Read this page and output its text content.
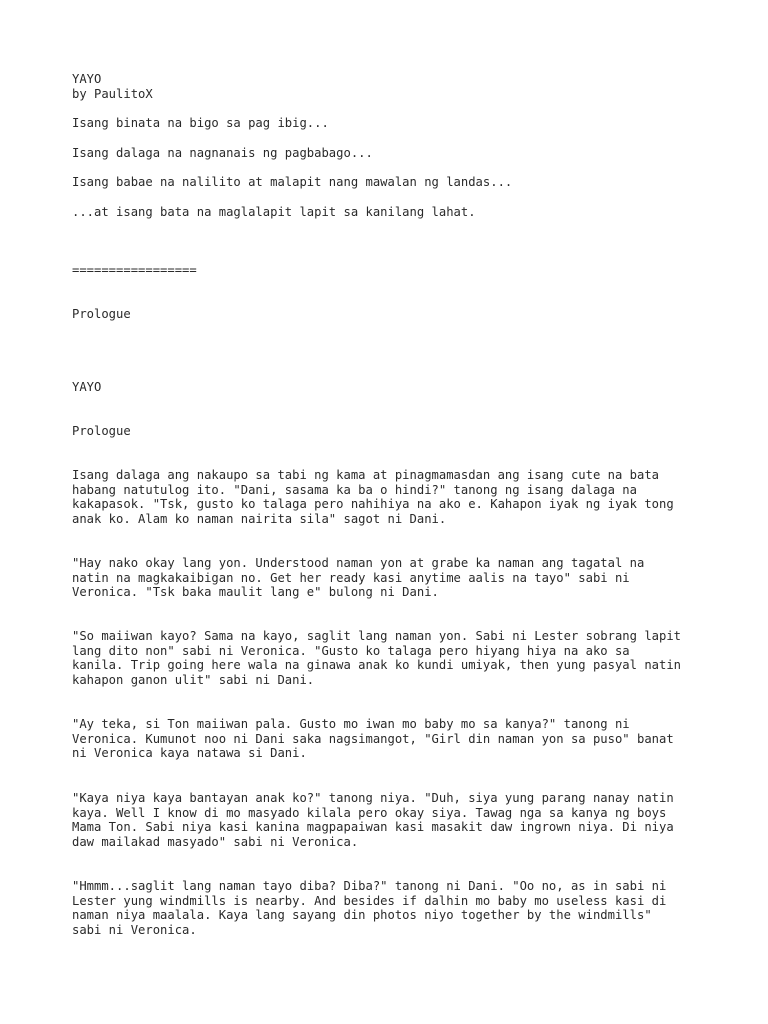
YAYO
by PaulitoX
Isang binata na bigo sa pag ibig...
Isang dalaga na nagnanais ng pagbabago...
Isang babae na nalilito at malapit nang mawalan ng landas...
...at isang bata na maglalapit lapit sa kanilang lahat.
=================
Prologue
YAYO
Prologue
Isang dalaga ang nakaupo sa tabi ng kama at pinagmamasdan ang isang cute na bata
habang natutulog ito. "Dani, sasama ka ba o hindi?" tanong ng isang dalaga na
kakapasok. "Tsk, gusto ko talaga pero nahihiya na ako e. Kahapon iyak ng iyak tong
anak ko. Alam ko naman nairita sila" sagot ni Dani.
"Hay nako okay lang yon. Understood naman yon at grabe ka naman ang tagatal na
natin na magkakaibigan no. Get her ready kasi anytime aalis na tayo" sabi ni
Veronica. "Tsk baka maulit lang e" bulong ni Dani.
"So maiiwan kayo? Sama na kayo, saglit lang naman yon. Sabi ni Lester sobrang lapit
lang dito non" sabi ni Veronica. "Gusto ko talaga pero hiyang hiya na ako sa
kanila. Trip going here wala na ginawa anak ko kundi umiyak, then yung pasyal natin
kahapon ganon ulit" sabi ni Dani.
"Ay teka, si Ton maiiwan pala. Gusto mo iwan mo baby mo sa kanya?" tanong ni
Veronica. Kumunot noo ni Dani saka nagsimangot, "Girl din naman yon sa puso" banat
ni Veronica kaya natawa si Dani.
"Kaya niya kaya bantayan anak ko?" tanong niya. "Duh, siya yung parang nanay natin
kaya. Well I know di mo masyado kilala pero okay siya. Tawag nga sa kanya ng boys
Mama Ton. Sabi niya kasi kanina magpapaiwan kasi masakit daw ingrown niya. Di niya
daw mailakad masyado" sabi ni Veronica.
"Hmmm...saglit lang naman tayo diba? Diba?" tanong ni Dani. "Oo no, as in sabi ni
Lester yung windmills is nearby. And besides if dalhin mo baby mo useless kasi di
naman niya maalala. Kaya lang sayang din photos niyo together by the windmills"
sabi ni Veronica.
